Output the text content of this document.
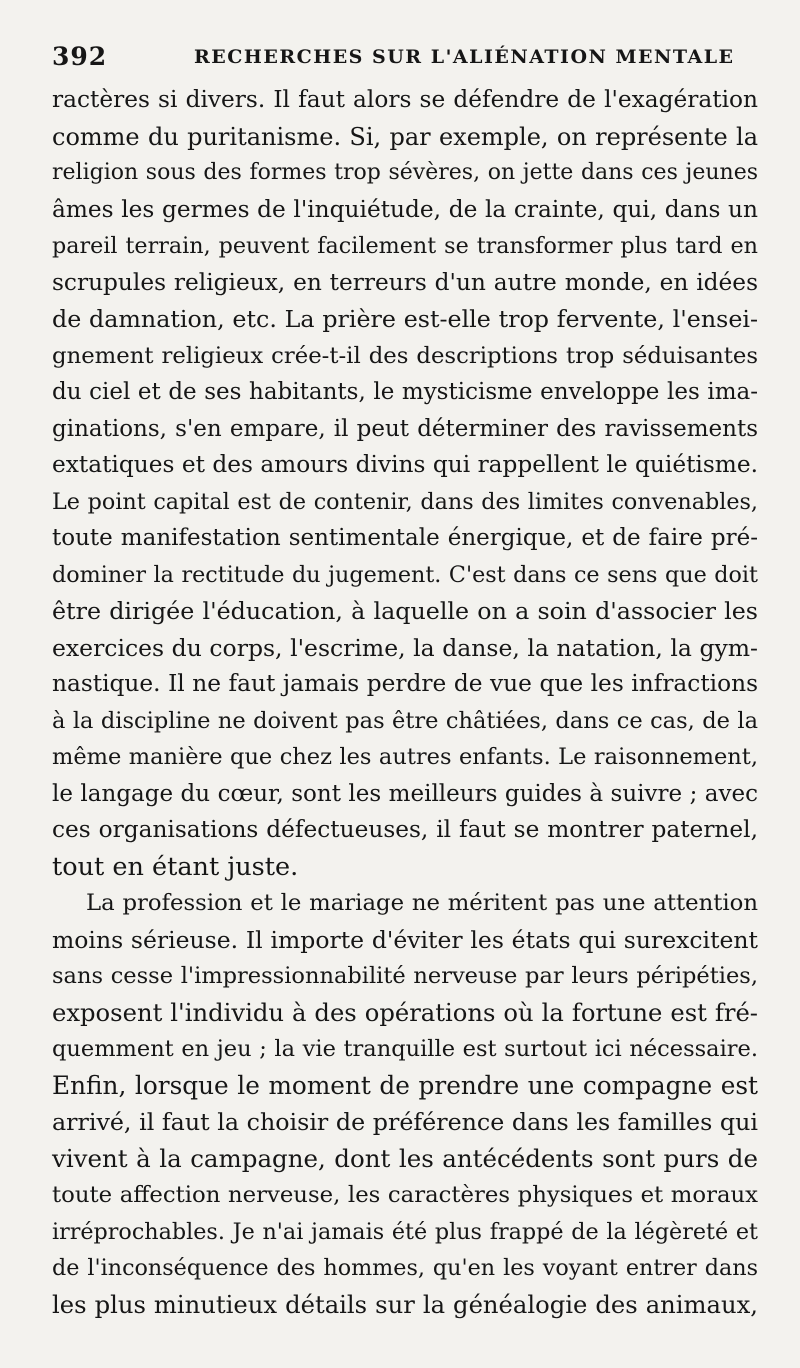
392	RECHERCHES SUR L'ALIÉNATION MENTALE
ractères si divers. Il faut alors se défendre de l'exagération
comme du puritanisme. Si, par exemple, on représente la
religion sous des formes trop sévères, on jette dans ces jeunes
âmes les germes de l'inquiétude, de la crainte, qui, dans un
pareil terrain, peuvent facilement se transformer plus tard en
scrupules religieux, en terreurs d'un autre monde, en idées
de damnation, etc. La prière est-elle trop fervente, l'ensei-
gnement religieux crée-t-il des descriptions trop séduisantes
du ciel et de ses habitants, le mysticisme enveloppe les ima-
ginations, s'en empare, il peut déterminer des ravissements
extatiques et des amours divins qui rappellent le quiétisme.
Le point capital est de contenir, dans des limites convenables,
toute manifestation sentimentale énergique, et de faire pré-
dominer la rectitude du jugement. C'est dans ce sens que doit
être dirigée l'éducation, à laquelle on a soin d'associer les
exercices du corps, l'escrime, la danse, la natation, la gym-
nastique. Il ne faut jamais perdre de vue que les infractions
à la discipline ne doivent pas être châtiées, dans ce cas, de la
même manière que chez les autres enfants. Le raisonnement,
le langage du cœur, sont les meilleurs guides à suivre ; avec
ces organisations défectueuses, il faut se montrer paternel,
tout en étant juste.
La profession et le mariage ne méritent pas une attention
moins sérieuse. Il importe d'éviter les états qui surexcitent
sans cesse l'impressionnabilité nerveuse par leurs péripéties,
exposent l'individu à des opérations où la fortune est fré-
quemment en jeu ; la vie tranquille est surtout ici nécessaire.
Enfin, lorsque le moment de prendre une compagne est
arrivé, il faut la choisir de préférence dans les familles qui
vivent à la campagne, dont les antécédents sont purs de
toute affection nerveuse, les caractères physiques et moraux
irréprochables. Je n'ai jamais été plus frappé de la légèreté et
de l'inconséquence des hommes, qu'en les voyant entrer dans
les plus minutieux détails sur la généalogie des animaux,
